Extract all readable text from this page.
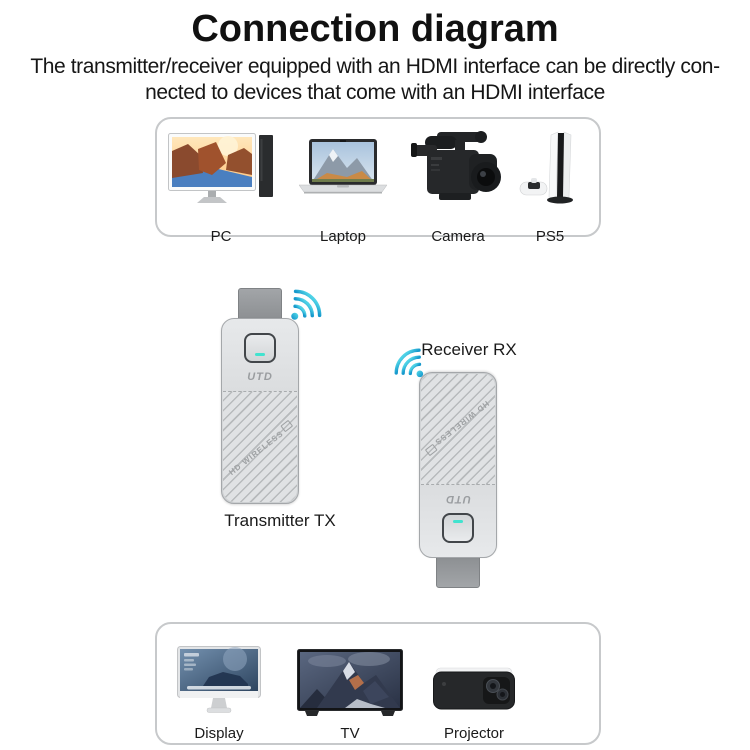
Connection diagram
The transmitter/receiver equipped with an HDMI interface can be directly con-
nected to devices that come with an HDMI interface
PC	Laptop	Camera	PS5
UTD
HD WIRELESS
Transmitter TX
UTD
HD WIRELESS
Receiver RX
Display	TV	Projector
